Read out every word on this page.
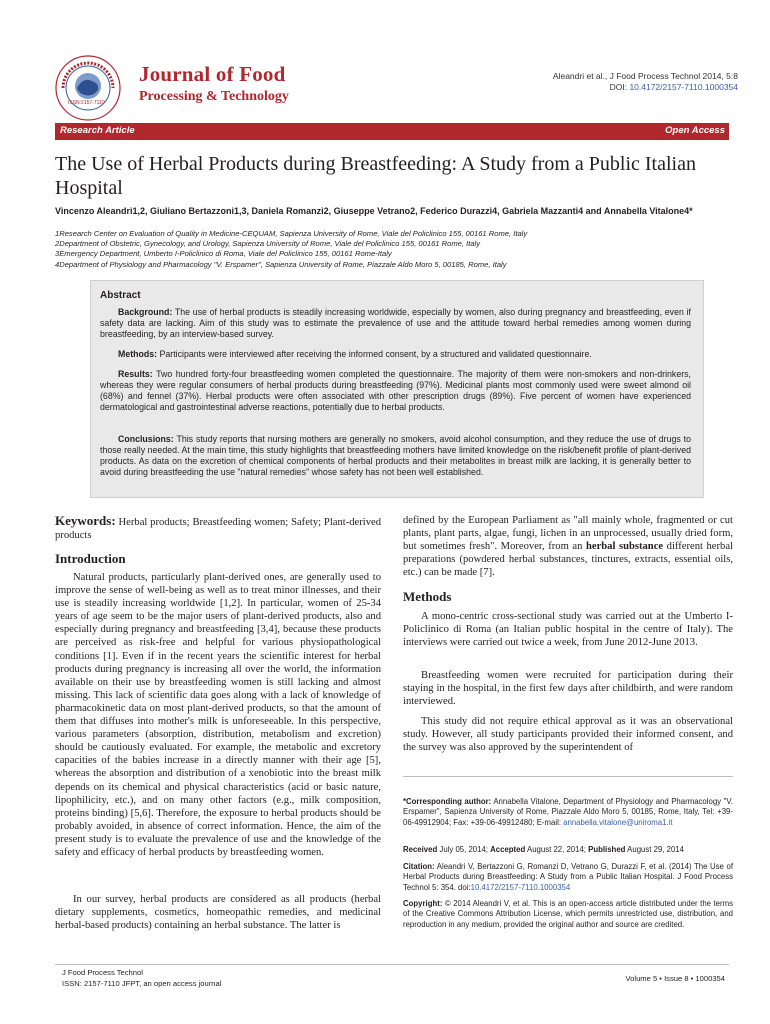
ISSN:2157-7110
Journal of Food
Processing & Technology
Aleandri et al., J Food Process Technol 2014, 5:8
DOI: 10.4172/2157-7110.1000354
Research Article	Open Access
The Use of Herbal Products during Breastfeeding: A Study from a Public Italian Hospital
Vincenzo Aleandri1,2, Giuliano Bertazzoni1,3, Daniela Romanzi2, Giuseppe Vetrano2, Federico Durazzi4, Gabriela Mazzanti4 and Annabella Vitalone4*
1Research Center on Evaluation of Quality in Medicine-CEQUAM, Sapienza University of Rome, Viale del Policlinico 155, 00161 Rome, Italy
2Department of Obstetric, Gynecology, and Urology, Sapienza University of Rome, Viale del Policlinico 155, 00161 Rome, Italy
3Emergency Department, Umberto I-Policlinico di Roma, Viale del Policlinico 155, 00161 Rome-Italy
4Department of Physiology and Pharmacology "V. Erspamer", Sapienza University of Rome, Piazzale Aldo Moro 5, 00185, Rome, Italy
Abstract
Background: The use of herbal products is steadily increasing worldwide, especially by women, also during pregnancy and breastfeeding, even if safety data are lacking. Aim of this study was to estimate the prevalence of use and the attitude toward herbal remedies among women during breastfeeding, by an interview-based survey.
Methods: Participants were interviewed after receiving the informed consent, by a structured and validated questionnaire.
Results: Two hundred forty-four breastfeeding women completed the questionnaire. The majority of them were non-smokers and non-drinkers, whereas they were regular consumers of herbal products during breastfeeding (97%). Medicinal plants most commonly used were sweet almond oil (68%) and fennel (37%). Herbal products were often associated with other prescription drugs (89%). Five percent of women have experienced dermatological and gastrointestinal adverse reactions, potentially due to herbal products.
Conclusions: This study reports that nursing mothers are generally no smokers, avoid alcohol consumption, and they reduce the use of drugs to those really needed. At the main time, this study highlights that breastfeeding mothers have limited knowledge on the risk/benefit profile of plant-derived products. As data on the excretion of chemical components of herbal products and their metabolites in breast milk are lacking, it is generally better to avoid during breastfeeding the use "natural remedies" whose safety has not been well established.
Keywords: Herbal products; Breastfeeding women; Safety; Plant-derived products
Introduction

Natural products, particularly plant-derived ones, are generally used to improve the sense of well-being as well as to treat minor illnesses, and their use is steadily increasing worldwide [1,2]. In particular, women of 25-34 years of age seem to be the major users of plant-derived products, also and especially during pregnancy and breastfeeding [3,4], because these products are perceived as risk-free and helpful for various physiopathological conditions [1]. Even if in the recent years the scientific interest for herbal products during pregnancy is increasing all over the world, the information available on their use by breastfeeding women is still lacking and almost missing. This lack of scientific data goes along with a lack of knowledge of pharmacokinetic data on most plant-derived products, so that the amount of them that diffuses into mother's milk is unforeseeable. In this perspective, various parameters (absorption, distribution, metabolism and excretion) should be cautiously evaluated. For example, the metabolic and excretory capacities of the babies increase in a directly manner with their age [5], whereas the absorption and distribution of a xenobiotic into the breast milk depends on its chemical and physical characteristics (acid or basic nature, lipophilicity, etc.), and on many other factors (e.g., milk composition, proteins binding) [5,6]. Therefore, the exposure to herbal products should be probably avoided, in absence of correct information. Hence, the aim of the present study is to evaluate the prevalence of use and the knowledge of the safety and efficacy of herbal products by breastfeeding women.

In our survey, herbal products are considered as all products (herbal dietary supplements, cosmetics, homeopathic remedies, and medicinal herbal-based products) containing an herbal substance. The latter is

defined by the European Parliament as "all mainly whole, fragmented or cut plants, plant parts, algae, fungi, lichen in an unprocessed, usually dried form, but sometimes fresh". Moreover, from an herbal substance different herbal preparations (powdered herbal substances, tinctures, extracts, essential oils, etc.) can be made [7].
Methods

A mono-centric cross-sectional study was carried out at the Umberto I-Policlinico di Roma (an Italian public hospital in the centre of Italy). The interviews were carried out twice a week, from June 2012-June 2013.

Breastfeeding women were recruited for participation during their staying in the hospital, in the first few days after childbirth, and were random interviewed.

This study did not require ethical approval as it was an observational study. However, all study participants provided their informed consent, and the survey was also approved by the superintendent of

*Corresponding author: Annabella Vitalone, Department of Physiology and Pharmacology "V. Erspamer", Sapienza University of Rome, Piazzale Aldo Moro 5, 00185, Rome, Italy, Tel: +39-06-49912904; Fax: +39-06-49912480; E-mail: annabella.vitalone@uniroma1.it
Received July 05, 2014; Accepted August 22, 2014; Published August 29, 2014
Citation: Aleandri V, Bertazzoni G, Romanzi D, Vetrano G, Durazzi F, et al. (2014) The Use of Herbal Products during Breastfeeding: A Study from a Public Italian Hospital. J Food Process Technol 5: 354. doi:10.4172/2157-7110.1000354
Copyright: © 2014 Aleandri V, et al. This is an open-access article distributed under the terms of the Creative Commons Attribution License, which permits unrestricted use, distribution, and reproduction in any medium, provided the original author and source are credited.
J Food Process Technol
ISSN: 2157-7110 JFPT, an open access journal	Volume 5 • Issue 8 • 1000354
